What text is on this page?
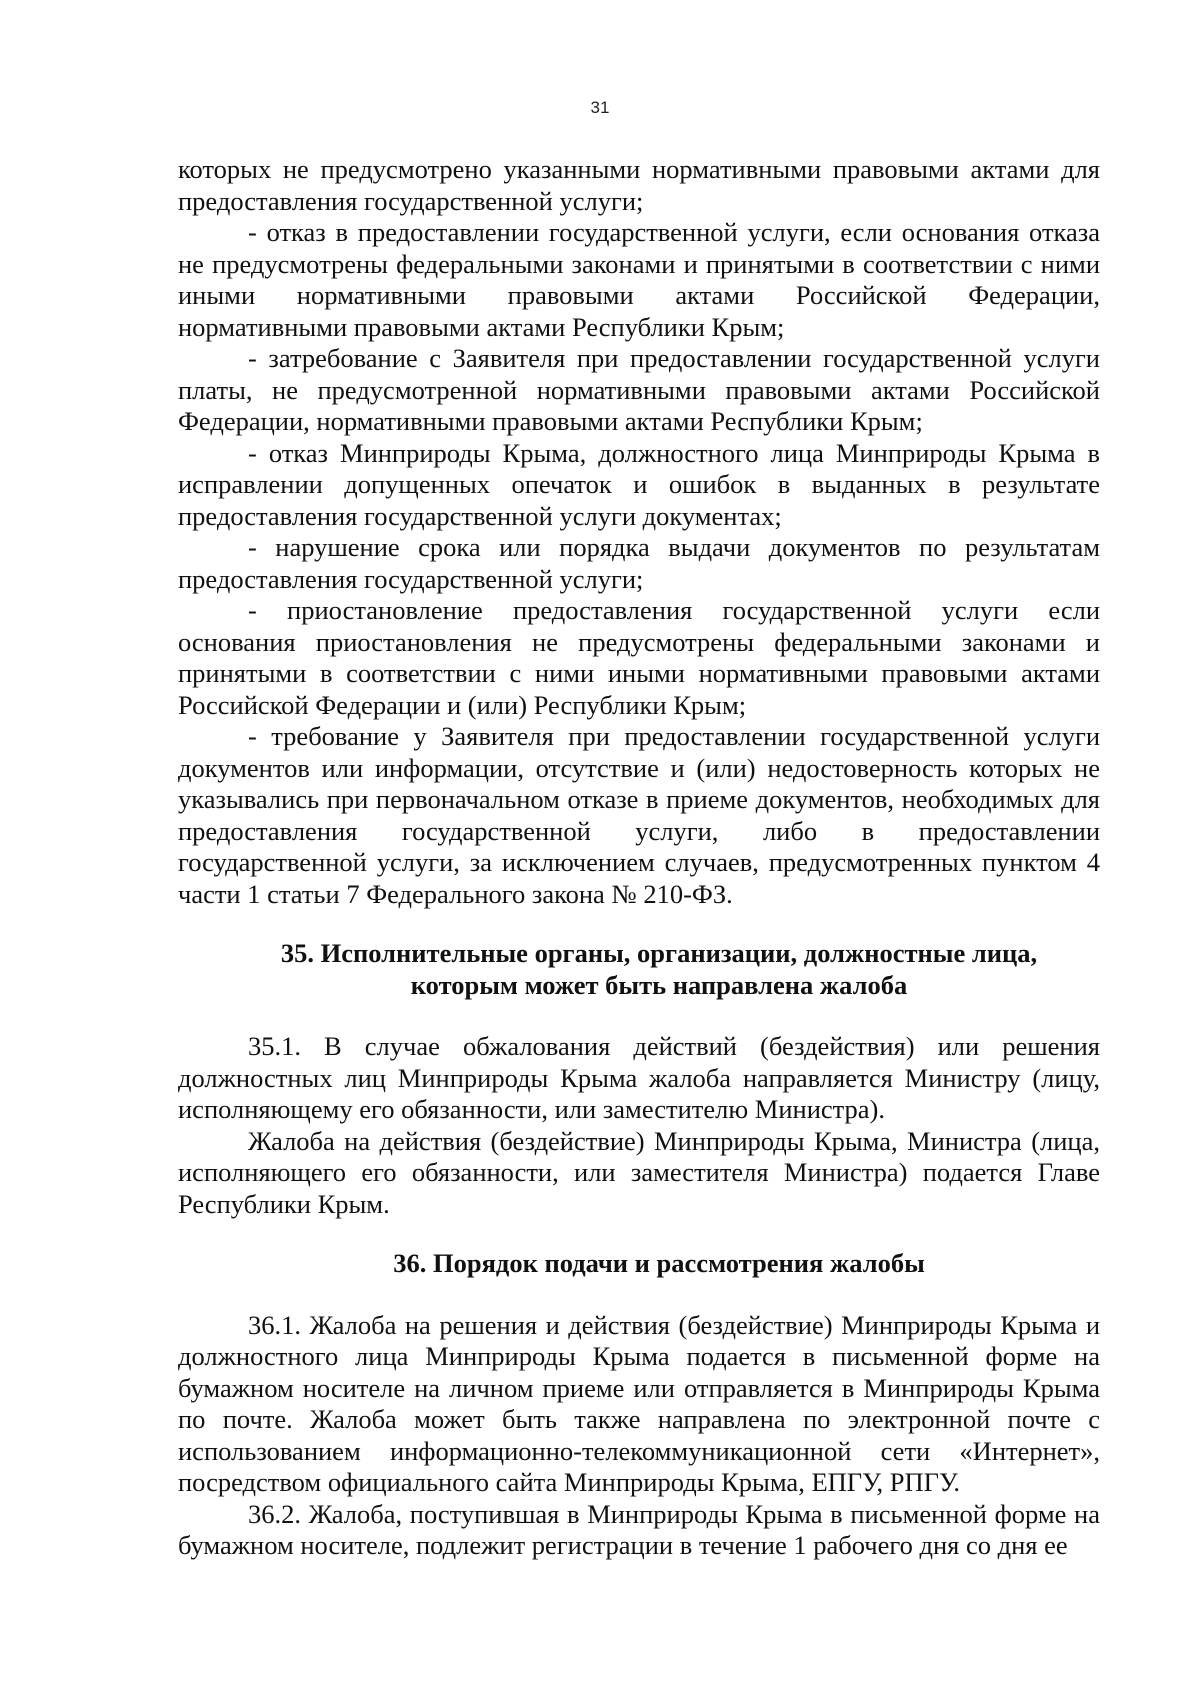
31

которых не предусмотрено указанными нормативными правовыми актами для предоставления государственной услуги;

- отказ в предоставлении государственной услуги, если основания отказа не предусмотрены федеральными законами и принятыми в соответствии с ними иными нормативными правовыми актами Российской Федерации, нормативными правовыми актами Республики Крым;

- затребование с Заявителя при предоставлении государственной услуги платы, не предусмотренной нормативными правовыми актами Российской Федерации, нормативными правовыми актами Республики Крым;

- отказ Минприроды Крыма, должностного лица Минприроды Крыма в исправлении допущенных опечаток и ошибок в выданных в результате предоставления государственной услуги документах;

- нарушение срока или порядка выдачи документов по результатам предоставления государственной услуги;

- приостановление предоставления государственной услуги если основания приостановления не предусмотрены федеральными законами и принятыми в соответствии с ними иными нормативными правовыми актами Российской Федерации и (или) Республики Крым;

- требование у Заявителя при предоставлении государственной услуги документов или информации, отсутствие и (или) недостоверность которых не указывались при первоначальном отказе в приеме документов, необходимых для предоставления государственной услуги, либо в предоставлении государственной услуги, за исключением случаев, предусмотренных пунктом 4 части 1 статьи 7 Федерального закона № 210-ФЗ.

35. Исполнительные органы, организации, должностные лица,

которым может быть направлена жалоба

35.1. В случае обжалования действий (бездействия) или решения должностных лиц Минприроды Крыма жалоба направляется Министру (лицу, исполняющему его обязанности, или заместителю Министра).

Жалоба на действия (бездействие) Минприроды Крыма, Министра (лица, исполняющего его обязанности, или заместителя Министра) подается Главе Республики Крым.

36. Порядок подачи и рассмотрения жалобы

36.1. Жалоба на решения и действия (бездействие) Минприроды Крыма и должностного лица Минприроды Крыма подается в письменной форме на бумажном носителе на личном приеме или отправляется в Минприроды Крыма по почте. Жалоба может быть также направлена по электронной почте с использованием информационно-телекоммуникационной сети «Интернет», посредством официального сайта Минприроды Крыма, ЕПГУ, РПГУ.

36.2. Жалоба, поступившая в Минприроды Крыма в письменной форме на бумажном носителе, подлежит регистрации в течение 1 рабочего дня со дня ее
